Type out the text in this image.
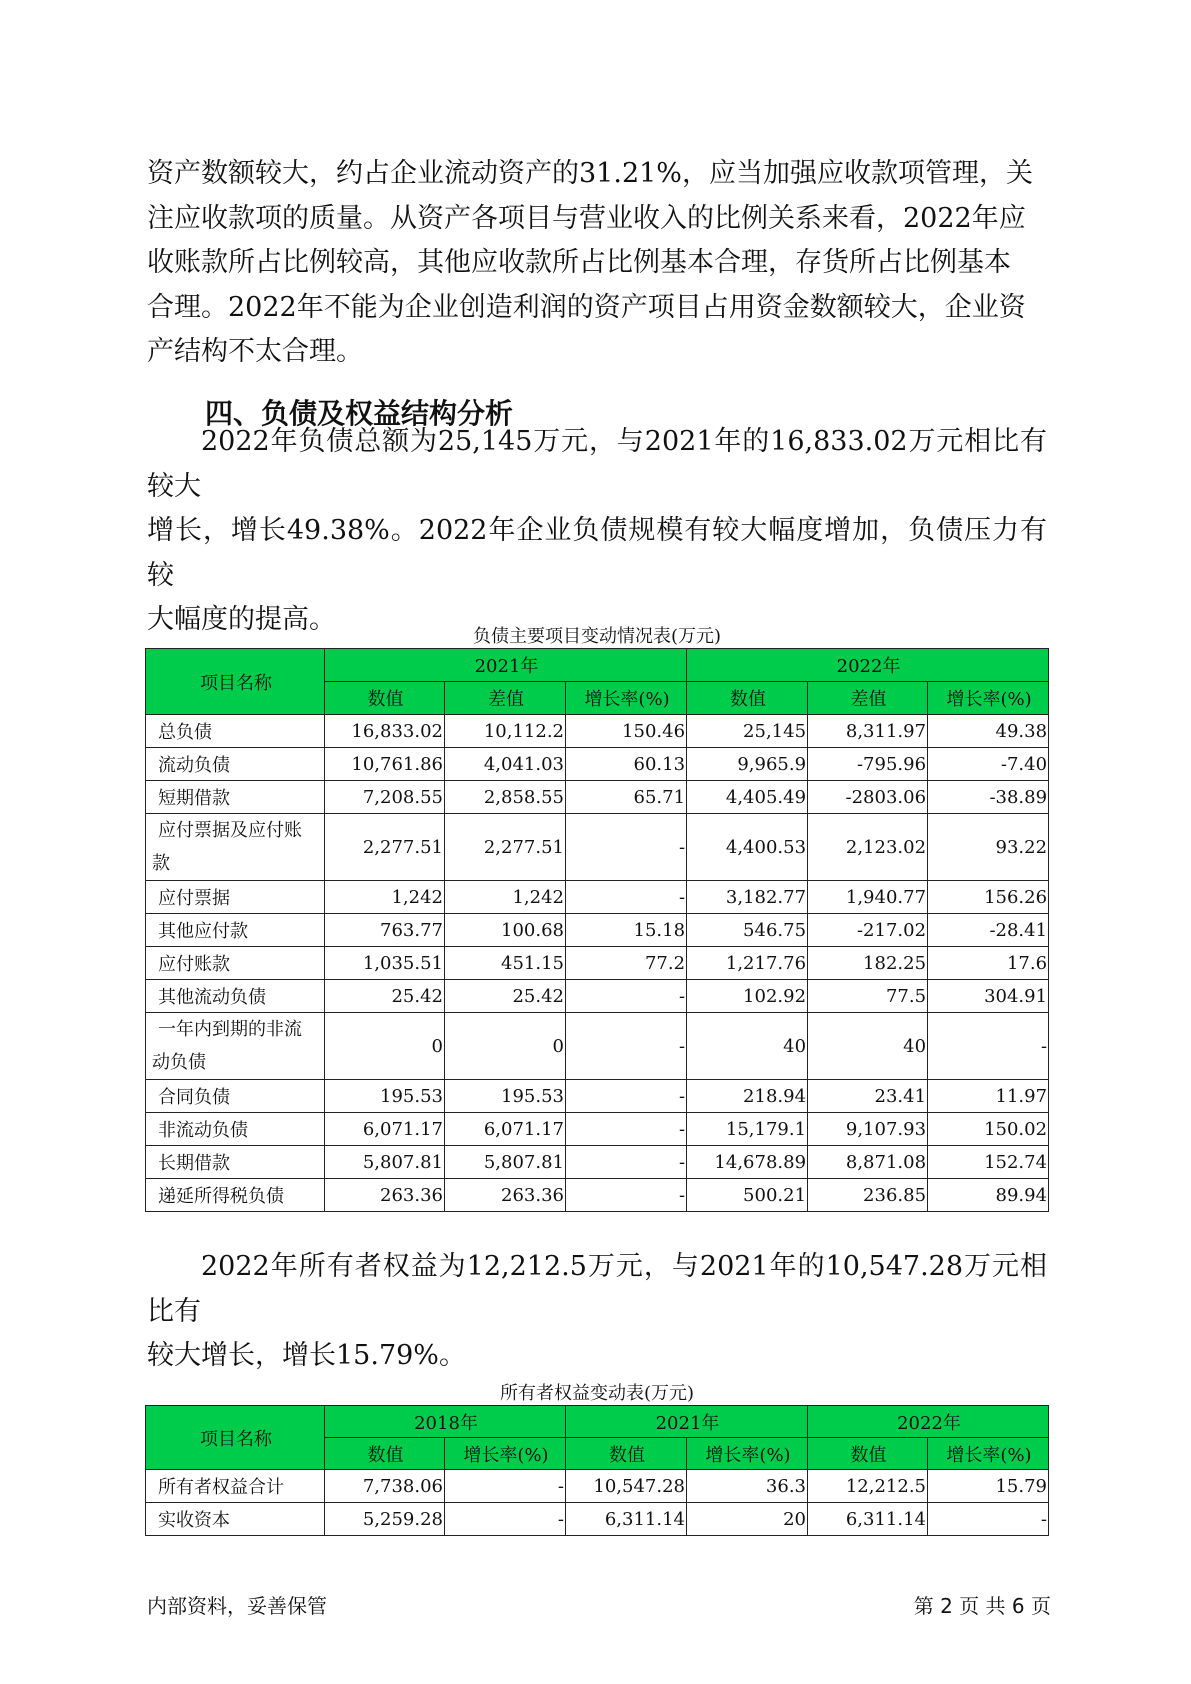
资产数额较大，约占企业流动资产的31.21%，应当加强应收款项管理，关
注应收款项的质量。从资产各项目与营业收入的比例关系来看，2022年应
收账款所占比例较高，其他应收款所占比例基本合理，存货所占比例基本
合理。2022年不能为企业创造利润的资产项目占用资金数额较大，企业资
产结构不太合理。
四、负债及权益结构分析
2022年负债总额为25,145万元，与2021年的16,833.02万元相比有较大
增长，增长49.38%。2022年企业负债规模有较大幅度增加，负债压力有较
大幅度的提高。

负债主要项目变动情况表(万元)

项目名称	2021年			2022年		
	数值	差值	增长率(%)	数值	差值	增长率(%)
总负债	16,833.02	10,112.2	150.46	25,145	8,311.97	49.38
流动负债	10,761.86	4,041.03	60.13	9,965.9	-795.96	-7.40
短期借款	7,208.55	2,858.55	65.71	4,405.49	-2803.06	-38.89
应付票据及应付账
款	2,277.51	2,277.51	-	4,400.53	2,123.02	93.22
应付票据	1,242	1,242	-	3,182.77	1,940.77	156.26
其他应付款	763.77	100.68	15.18	546.75	-217.02	-28.41
应付账款	1,035.51	451.15	77.2	1,217.76	182.25	17.6
其他流动负债	25.42	25.42	-	102.92	77.5	304.91
一年内到期的非流
动负债	0	0	-	40	40	-
合同负债	195.53	195.53	-	218.94	23.41	11.97
非流动负债	6,071.17	6,071.17	-	15,179.1	9,107.93	150.02
长期借款	5,807.81	5,807.81	-	14,678.89	8,871.08	152.74
递延所得税负债	263.36	263.36	-	500.21	236.85	89.94
2022年所有者权益为12,212.5万元，与2021年的10,547.28万元相比有
较大增长，增长15.79%。

所有者权益变动表(万元)

项目名称	2018年		2021年		2022年	
	数值	增长率(%)	数值	增长率(%)	数值	增长率(%)
所有者权益合计	7,738.06	-	10,547.28	36.3	12,212.5	15.79
实收资本	5,259.28	-	6,311.14	20	6,311.14	-

内部资料，妥善保管	第 2 页 共 6 页
